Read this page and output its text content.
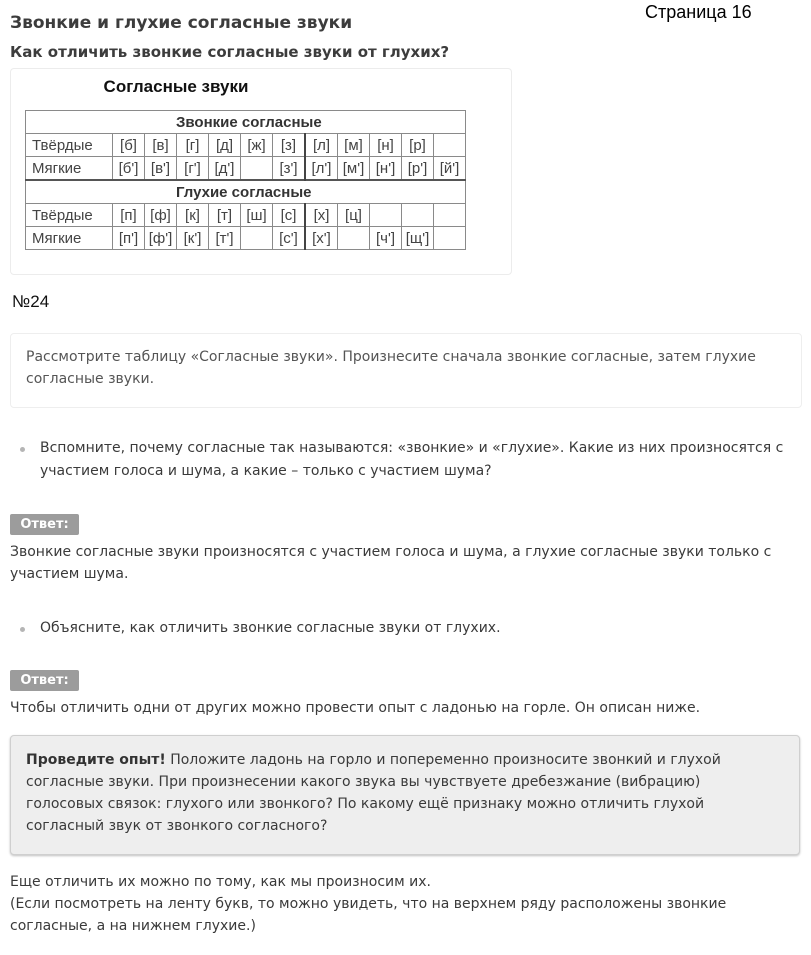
Звонкие и глухие согласные звуки
Страница 16
Как отличить звонкие согласные звуки от глухих?
Согласные звуки
Звонкие согласные											
Твёрдые	[б]	[в]	[г]	[д]	[ж]	[з]	[л]	[м]	[н]	[р]	
Мягкие	[б']	[в']	[г']	[д']		[з']	[л']	[м']	[н']	[р']	[й']
Глухие согласные											
Твёрдые	[п]	[ф]	[к]	[т]	[ш]	[с]	[х]	[ц]			
Мягкие	[п']	[ф']	[к']	[т']		[с']	[х']		[ч']	[щ']	
№24
Рассмотрите таблицу «Согласные звуки». Произнесите сначала звонкие согласные, затем глухие согласные звуки.
Вспомните, почему согласные так называются: «звонкие» и «глухие». Какие из них произносятся с участием голоса и шума, а какие – только с участием шума?
Ответ:
Звонкие согласные звуки произносятся с участием голоса и шума, а глухие согласные звуки только с участием шума.
Объясните, как отличить звонкие согласные звуки от глухих.
Ответ:
Чтобы отличить одни от других можно провести опыт с ладонью на горле. Он описан ниже.
Проведите опыт! Положите ладонь на горло и попеременно произносите звонкий и глухой согласные звуки. При произнесении какого звука вы чувствуете дребезжание (вибрацию) голосовых связок: глухого или звонкого? По какому ещё признаку можно отличить глухой согласный звук от звонкого согласного?
Еще отличить их можно по тому, как мы произносим их.
(Если посмотреть на ленту букв, то можно увидеть, что на верхнем ряду расположены звонкие согласные, а на нижнем глухие.)
